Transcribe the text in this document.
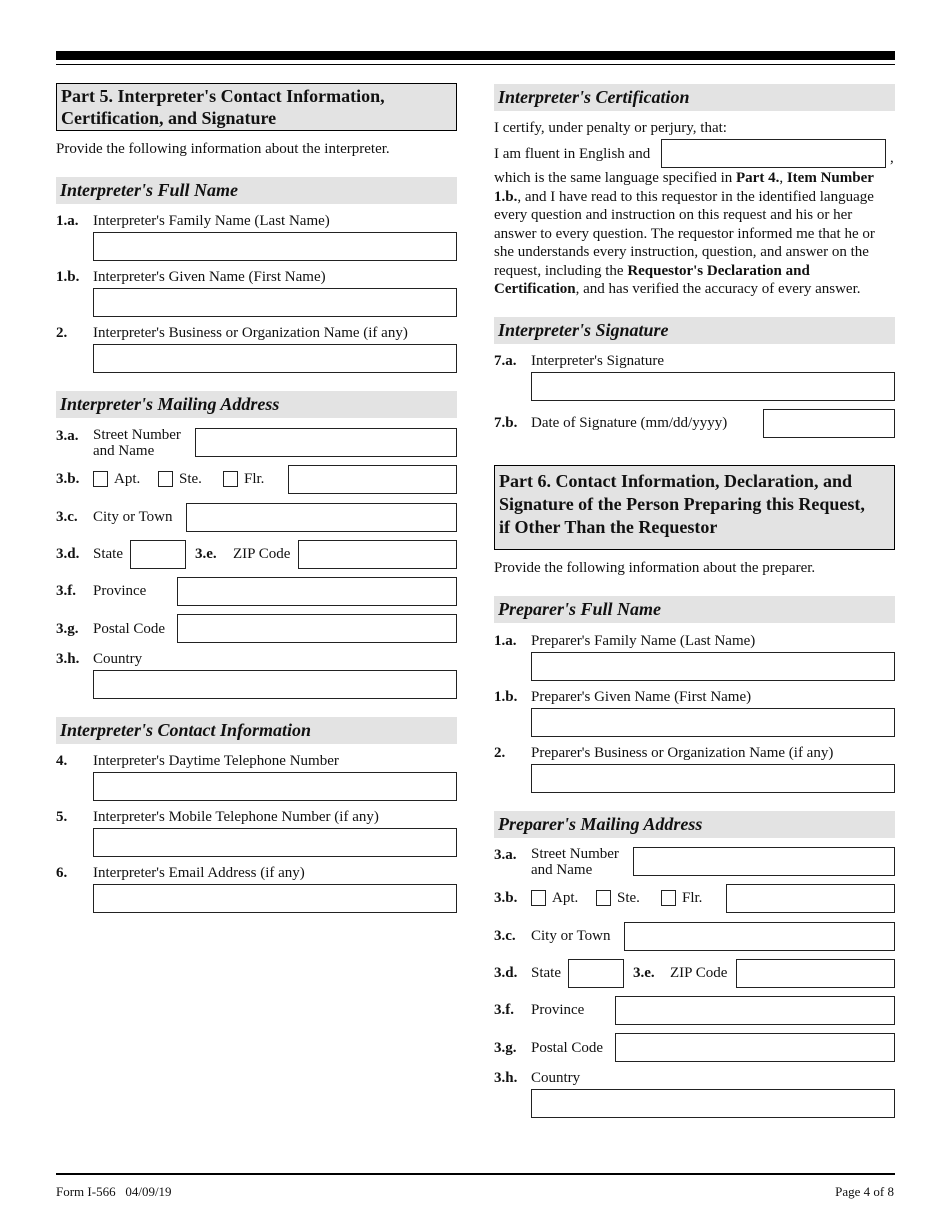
Part 5. Interpreter's Contact Information,
Certification, and Signature
Provide the following information about the interpreter.
Interpreter's Full Name
1.a. Interpreter's Family Name (Last Name)
1.b. Interpreter's Given Name (First Name)
2. Interpreter's Business or Organization Name (if any)
Interpreter's Mailing Address
3.a. Street Number
and Name
3.b. Apt.	Ste.	Flr.
3.c. City or Town
3.d. State	3.e. ZIP Code
3.f. Province
3.g. Postal Code
3.h. Country
Interpreter's Contact Information
4. Interpreter's Daytime Telephone Number
5. Interpreter's Mobile Telephone Number (if any)
6. Interpreter's Email Address (if any)
Interpreter's Certification
I certify, under penalty or perjury, that:
I am fluent in English and	,
which is the same language specified in Part 4., Item Number 1.b., and I have read to this requestor in the identified language every question and instruction on this request and his or her answer to every question. The requestor informed me that he or she understands every instruction, question, and answer on the request, including the Requestor's Declaration and Certification, and has verified the accuracy of every answer.
Interpreter's Signature
7.a. Interpreter's Signature
7.b. Date of Signature (mm/dd/yyyy)
Part 6. Contact Information, Declaration, and
Signature of the Person Preparing this Request,
if Other Than the Requestor
Provide the following information about the preparer.
Preparer's Full Name
1.a. Preparer's Family Name (Last Name)
1.b. Preparer's Given Name (First Name)
2. Preparer's Business or Organization Name (if any)
Preparer's Mailing Address
3.a. Street Number
and Name
3.b. Apt.	Ste.	Flr.
3.c. City or Town
3.d. State	3.e. ZIP Code
3.f. Province
3.g. Postal Code
3.h. Country
Form I-566   04/09/19	Page 4 of 8
